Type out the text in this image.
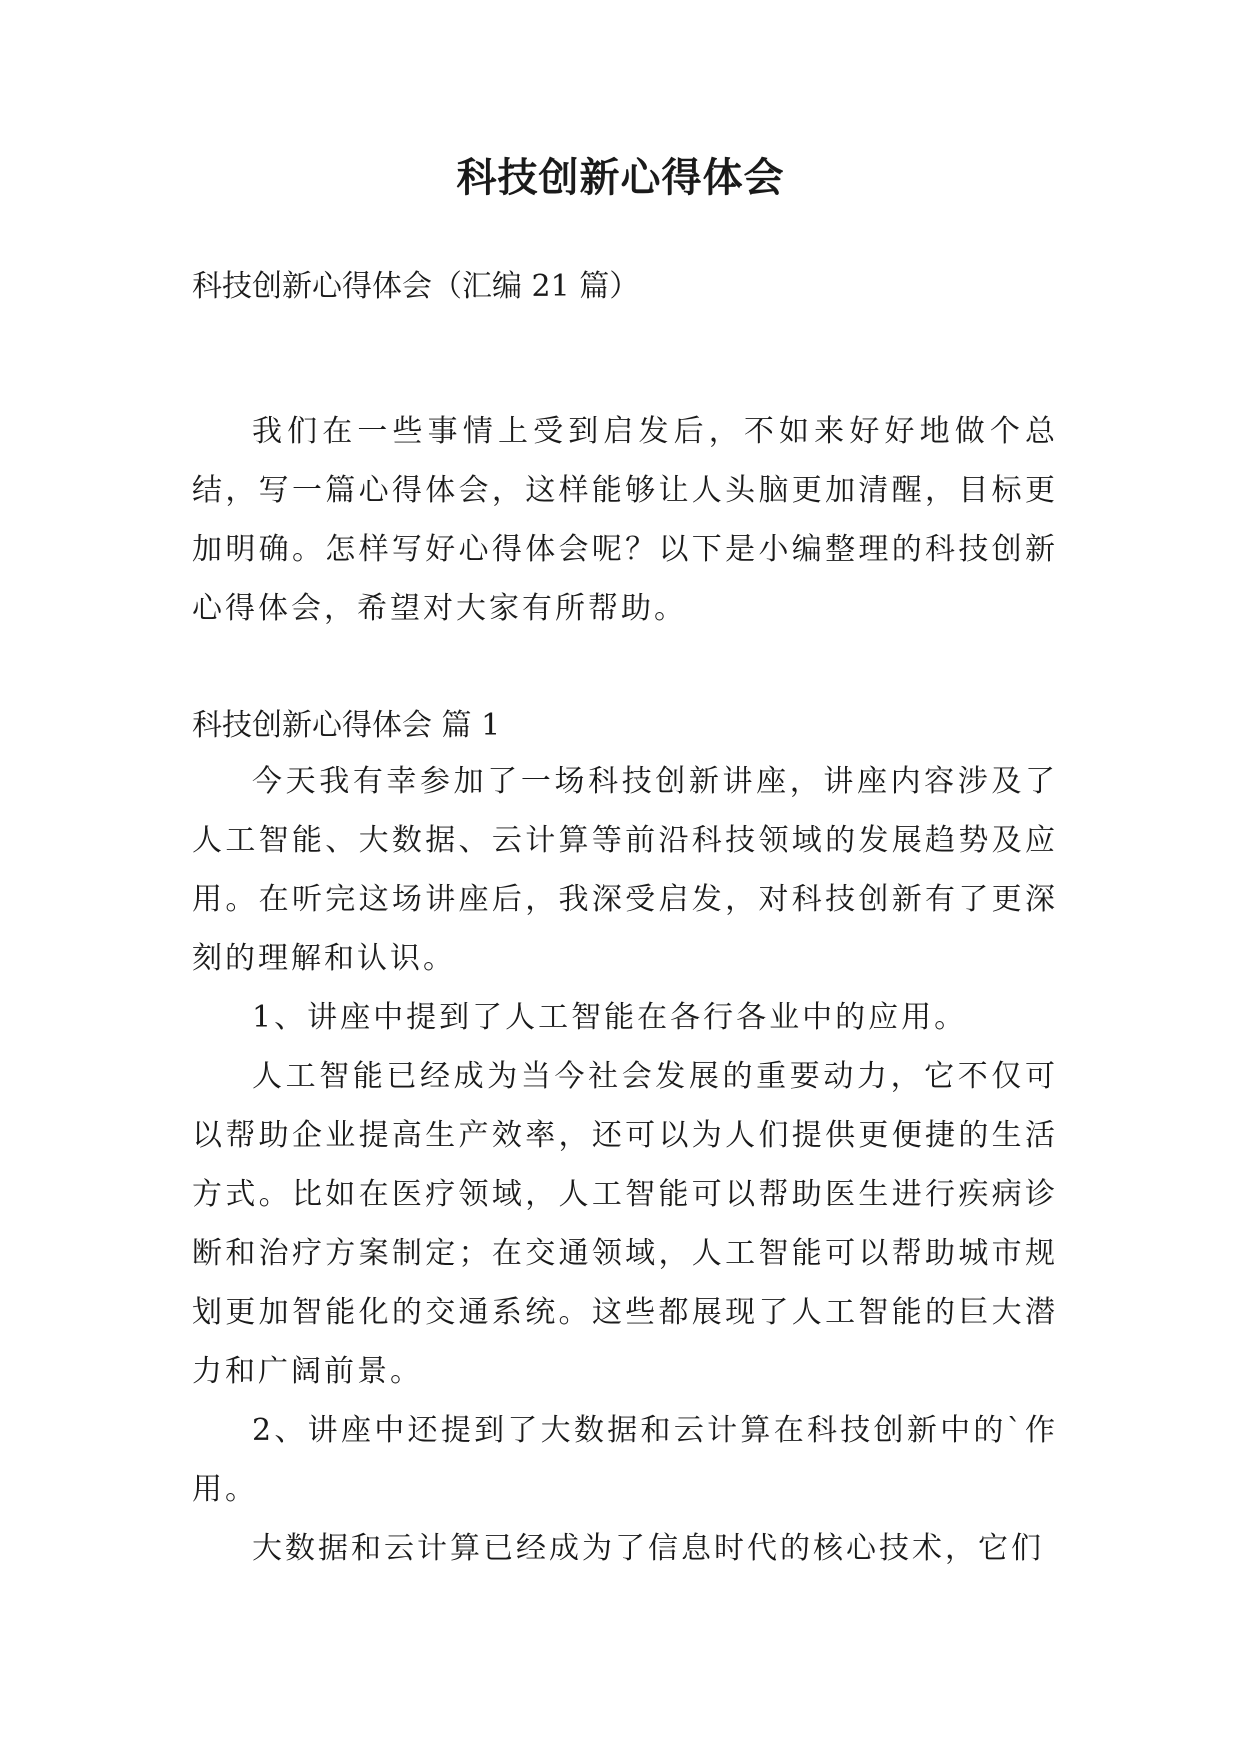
科技创新心得体会

科技创新心得体会（汇编 21 篇）

我们在一些事情上受到启发后，不如来好好地做个总结，写一篇心得体会，这样能够让人头脑更加清醒，目标更加明确。怎样写好心得体会呢？以下是小编整理的科技创新心得体会，希望对大家有所帮助。

科技创新心得体会 篇 1

今天我有幸参加了一场科技创新讲座，讲座内容涉及了人工智能、大数据、云计算等前沿科技领域的发展趋势及应用。在听完这场讲座后，我深受启发，对科技创新有了更深刻的理解和认识。

1、讲座中提到了人工智能在各行各业中的应用。

人工智能已经成为当今社会发展的重要动力，它不仅可以帮助企业提高生产效率，还可以为人们提供更便捷的生活方式。比如在医疗领域，人工智能可以帮助医生进行疾病诊断和治疗方案制定；在交通领域，人工智能可以帮助城市规划更加智能化的交通系统。这些都展现了人工智能的巨大潜力和广阔前景。

2、讲座中还提到了大数据和云计算在科技创新中的`作用。

大数据和云计算已经成为了信息时代的核心技术，它们
